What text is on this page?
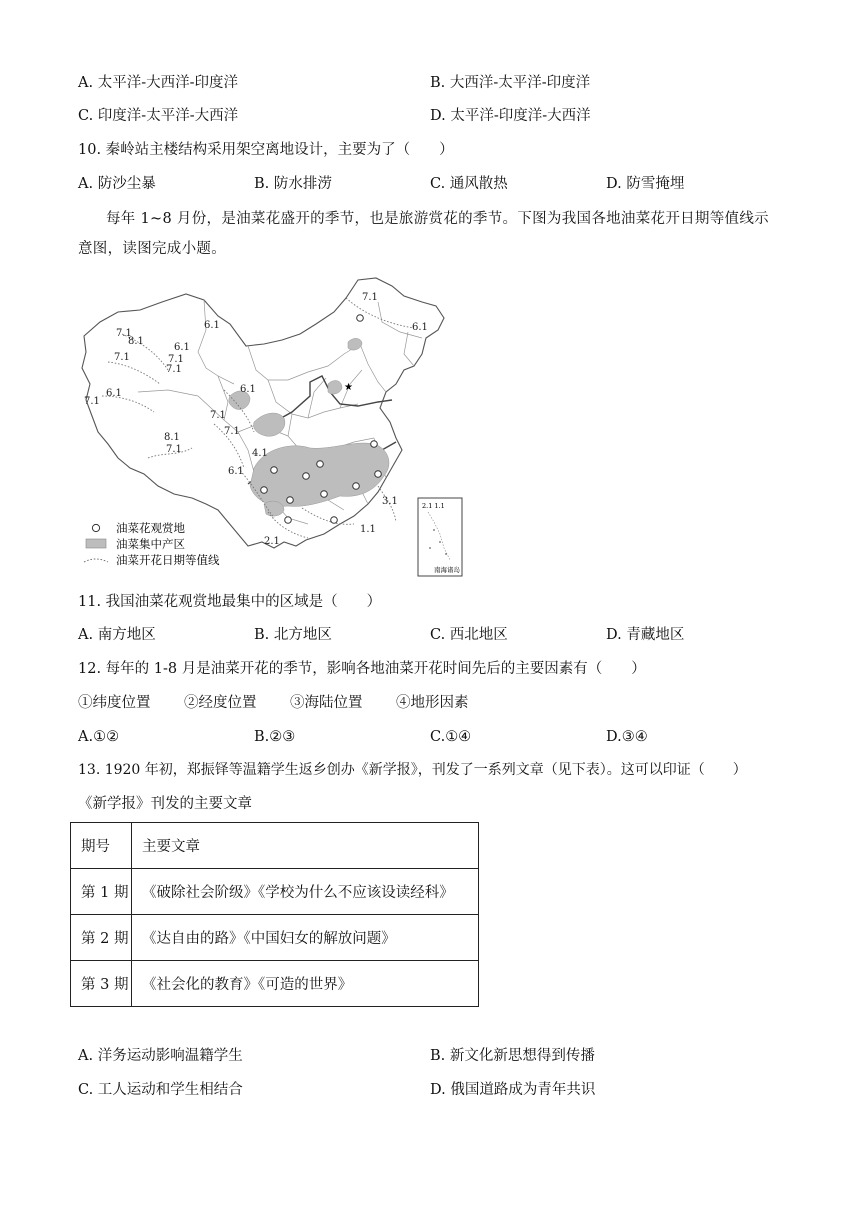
A. 太平洋-大西洋-印度洋	B. 大西洋-太平洋-印度洋
C. 印度洋-太平洋-大西洋	D. 太平洋-印度洋-大西洋
10. 秦岭站主楼结构采用架空离地设计，主要为了（　　）
A. 防沙尘暴	B. 防水排涝	C. 通风散热	D. 防雪掩埋
每年 1~8 月份，是油菜花盛开的季节，也是旅游赏花的季节。下图为我国各地油菜花开日期等值线示
意图，读图完成小题。
★
7.1
6.1
7.1
8.1
6.1
7.1
7.1
6.1
7.1
8.1
7.1
6.1
7.1
7.1
4.1
6.1
3.1
1.1
2.1
6.1
7.1
2.1 1.1
南海诸岛
油菜花观赏地
油菜集中产区
油菜开花日期等值线
11. 我国油菜花观赏地最集中的区域是（　　）
A. 南方地区	B. 北方地区	C. 西北地区	D. 青藏地区
12. 每年的 1-8 月是油菜开花的季节，影响各地油菜开花时间先后的主要因素有（　　）
①纬度位置 ②经度位置 ③海陆位置 ④地形因素
A.①②	B.②③	C.①④	D.③④
13. 1920 年初，郑振铎等温籍学生返乡创办《新学报》，刊发了一系列文章（见下表）。这可以印证（　　）
《新学报》刊发的主要文章
期号	主要文章
第 1 期	《破除社会阶级》《学校为什么不应该设读经科》
第 2 期	《达自由的路》《中国妇女的解放问题》
第 3 期	《社会化的教育》《可造的世界》
A. 洋务运动影响温籍学生	B. 新文化新思想得到传播
C. 工人运动和学生相结合	D. 俄国道路成为青年共识
